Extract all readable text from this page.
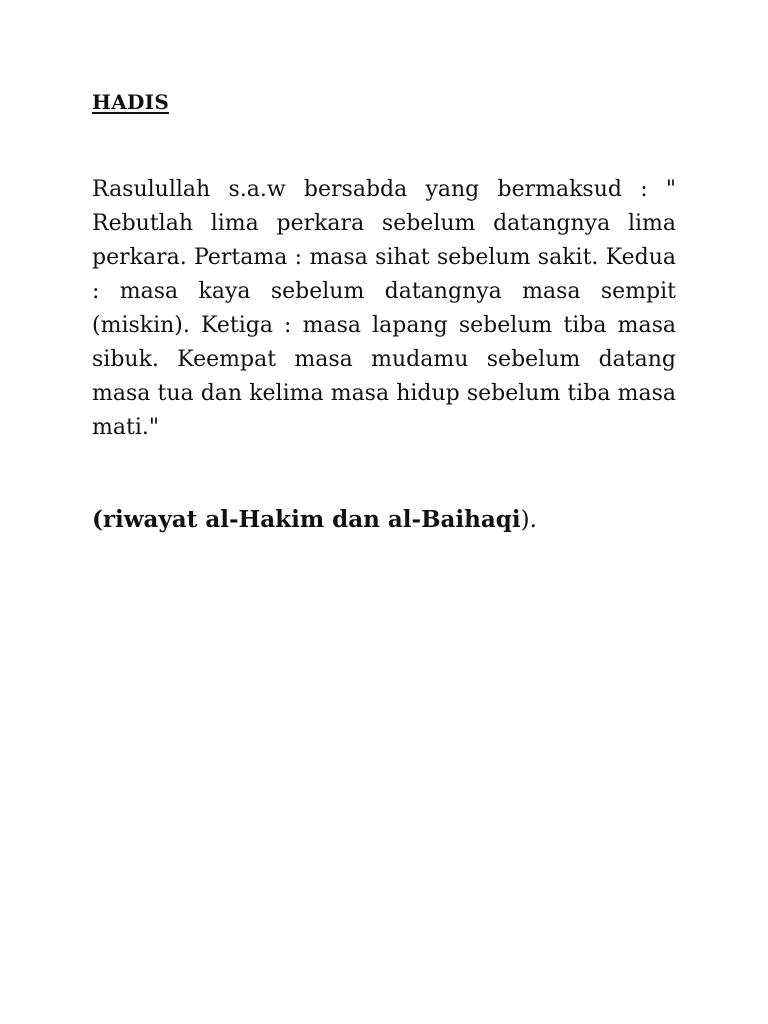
HADIS

Rasulullah s.a.w bersabda yang bermaksud : " Rebutlah lima perkara sebelum datangnya lima perkara. Pertama : masa sihat sebelum sakit. Kedua : masa kaya sebelum datangnya masa sempit (miskin). Ketiga : masa lapang sebelum tiba masa sibuk. Keempat masa mudamu sebelum datang masa tua dan kelima masa hidup sebelum tiba masa mati."

(riwayat al-Hakim dan al-Baihaqi).
